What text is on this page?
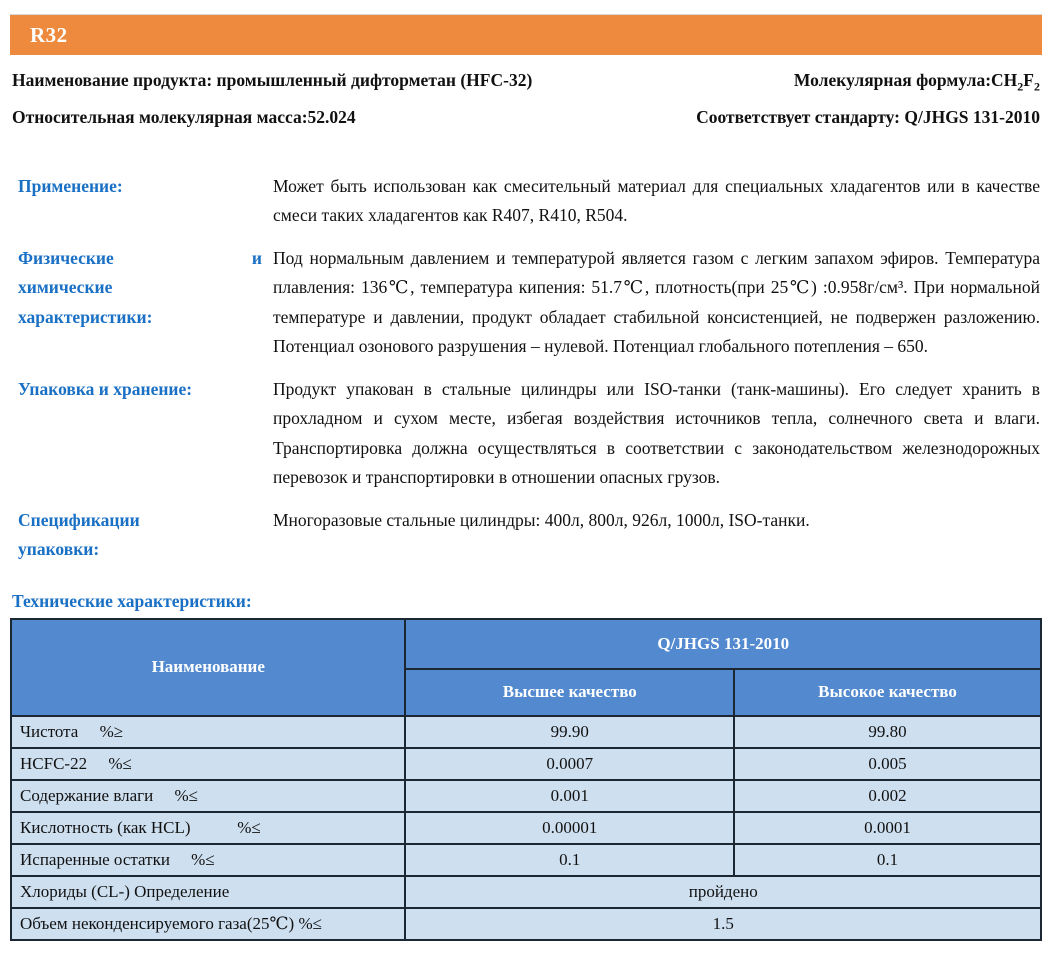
R32
Наименование продукта: промышленный дифторметан (HFC-32)	Молекулярная $формула:CH_2F_2$
Относительная молекулярная масса:52.024	Соответствует стандарту: Q/JHGS 131-2010
Применение:	Может быть использован как смесительный материал для специальных хладагентов или в качестве смеси таких хладагентов как R407, R410, R504.
Физические и
химические
характеристики:
Под нормальным давлением и температурой является газом с легким запахом эфиров. Температура плавления: 136℃, температура кипения: 51.7℃, плотность(при 25℃) :0.958г/см³. При нормальной температуре и давлении, продукт обладает стабильной консистенцией, не подвержен разложению. Потенциал озонового разрушения – нулевой. Потенциал глобального потепления – 650.
Упаковка и хранение:	Продукт упакован в стальные цилиндры или ISO-танки (танк-машины). Его следует хранить в прохладном и сухом месте, избегая воздействия источников тепла, солнечного света и влаги. Транспортировка должна осуществляться в соответствии с законодательством железнодорожных перевозок и транспортировки в отношении опасных грузов.
Спецификации
упаковки:
Многоразовые стальные цилиндры: 400л, 800л, 926л, 1000л, ISO-танки.
Технические характеристики:
Наименование	Q/JHGS 131-2010	
	Высшее качество	Высокое качество
Чистота     %≥	99.90	99.80
HCFC-22     %≤	0.0007	0.005
Содержание влаги     %≤	0.001	0.002
Кислотность (как HCL)           %≤	0.00001	0.0001
Испаренные остатки     %≤	0.1	0.1
Хлориды (CL-) Определение	пройдено	
Объем неконденсируемого газа(25℃) %≤	1.5	
